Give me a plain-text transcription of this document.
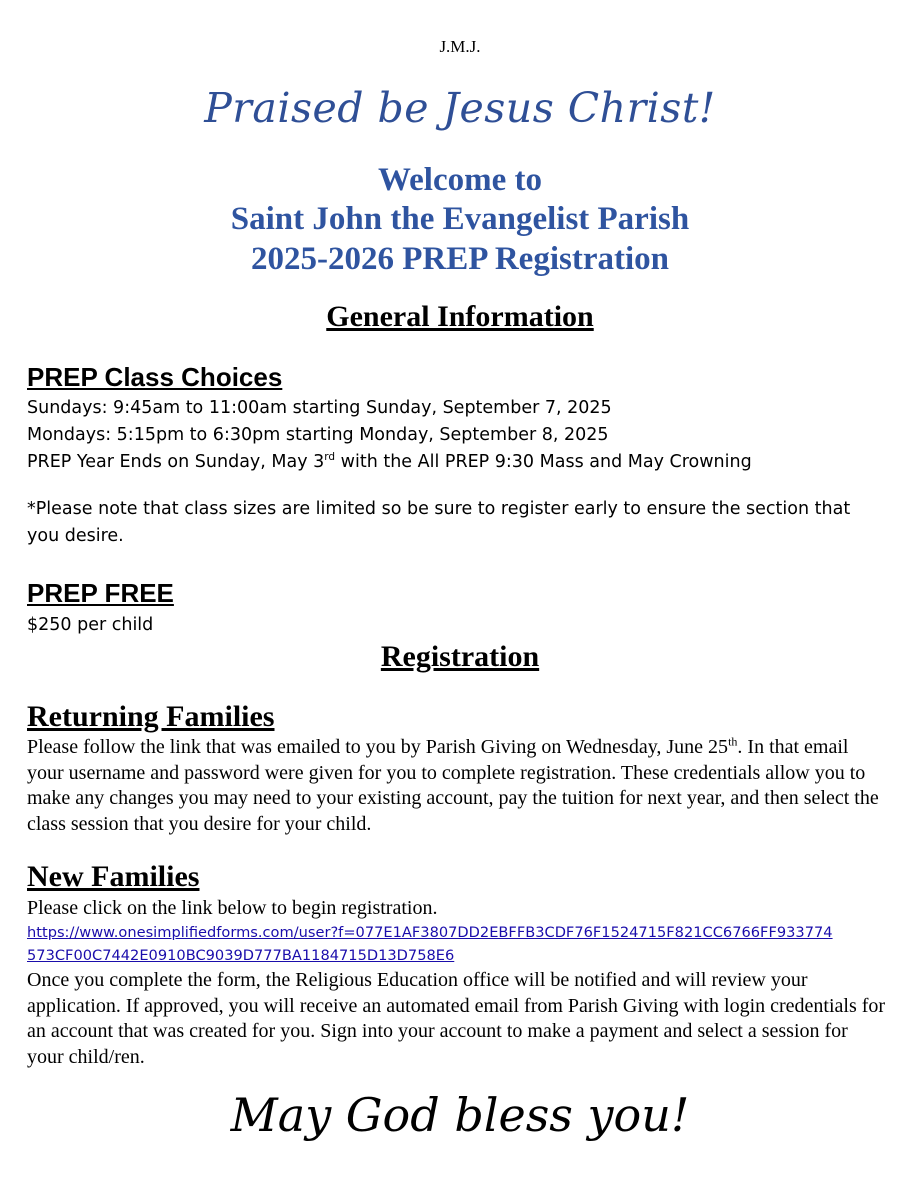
J.M.J.

Praised be Jesus Christ!

Welcome to

Saint John the Evangelist Parish

2025-2026 PREP Registration

General Information

PREP Class Choices

Sundays: 9:45am to 11:00am starting Sunday, September 7, 2025

Mondays: 5:15pm to 6:30pm starting Monday, September 8, 2025

PREP Year Ends on Sunday, May 3rd with the All PREP 9:30 Mass and May Crowning

*Please note that class sizes are limited so be sure to register early to ensure the section that

you desire.

PREP FREE

$250 per child

Registration

Returning Families

Please follow the link that was emailed to you by Parish Giving on Wednesday, June 25th. In that email your username and password were given for you to complete registration. These credentials allow you to make any changes you may need to your existing account, pay the tuition for next year, and then select the class session that you desire for your child.

New Families

Please click on the link below to begin registration.

https://www.onesimplifiedforms.com/user?f=077E1AF3807DD2EBFFB3CDF76F1524715F821CC6766FF933774
573CF00C7442E0910BC9039D777BA1184715D13D758E6

Once you complete the form, the Religious Education office will be notified and will review your application. If approved, you will receive an automated email from Parish Giving with login credentials for an account that was created for you. Sign into your account to make a payment and select a session for your child/ren.

May God bless you!
